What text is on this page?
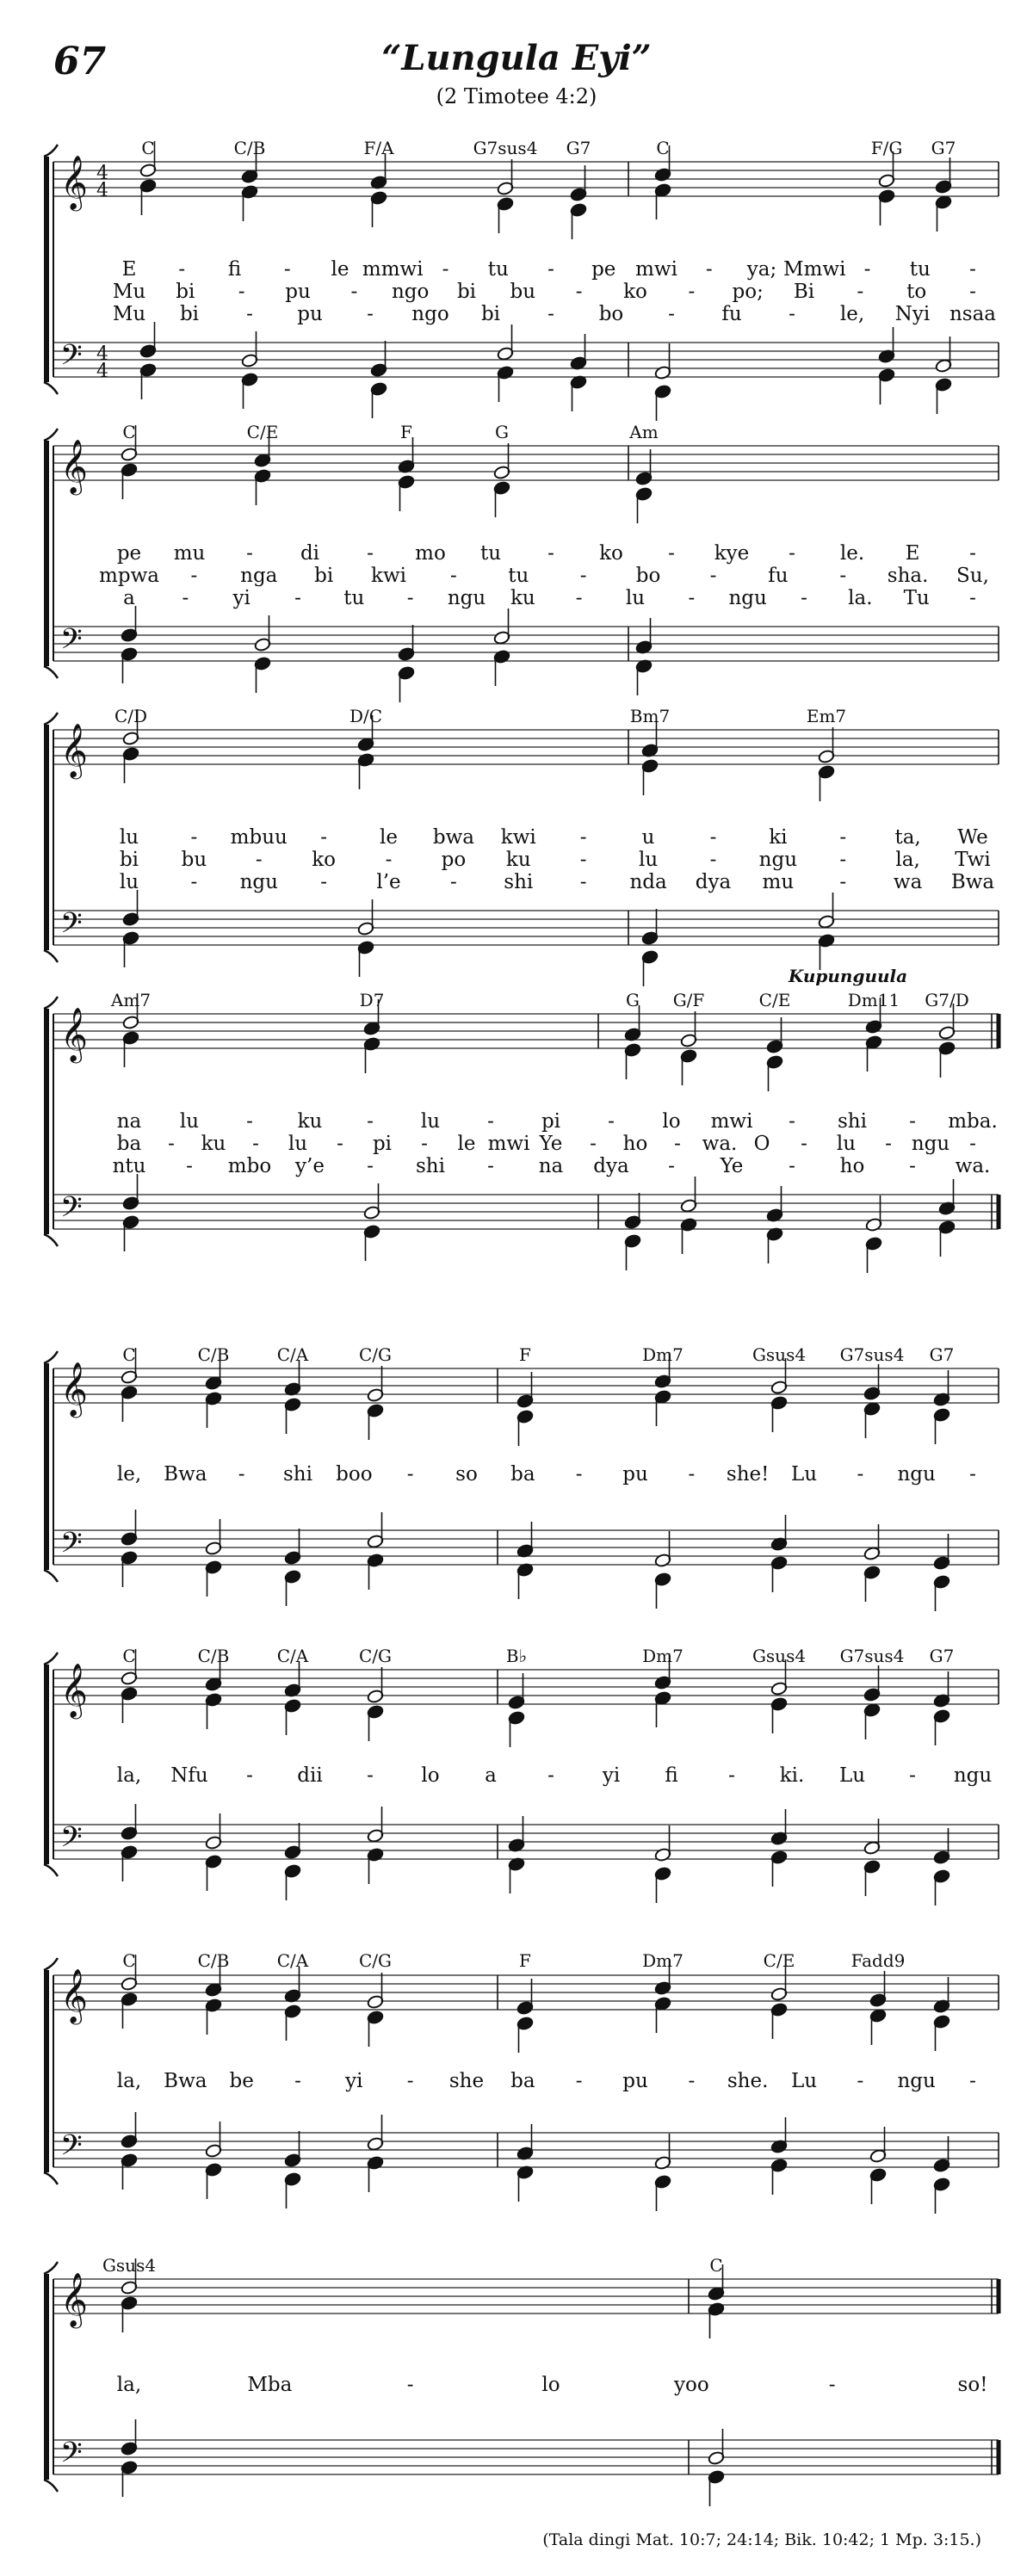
67	“Lungula Eyi”
(2 Timotee 4:2)
𝄞
𝄢
4
4
4
4
𝄞
𝄢
𝄞
𝄢
𝄞
𝄢
𝄞
𝄢
𝄞
𝄢
𝄞
𝄢
𝄞
𝄢
C	C/B	F/A	G7sus4 G7	C	F/G G7
E - fi - le mmwi - tu - pe mwi - ya; Mmwi - tu -
Mu bi - pu - ngo bi bu - ko - po; Bi - to -
Mu bi - pu - ngo bi - bo - fu - le, Nyi nsaa
C	C/E	F	G	Am
pe mu - di - mo tu - ko - kye - le. E	-
mpwa - nga bi kwi -	tu	- bo -	fu	- sha. Su,
a - yi - tu - ngu ku - lu - ngu - la. Tu -
C/D	D/C	Bm7	Em7
lu	- mbuu -	le bwa kwi -	u	-	ki	- ta, We
bi bu -	ko	- po ku -	lu	- ngu - la, Twi
lu	- ngu - l’e - shi - nda dya mu - wa Bwa
Am7	D7	G G/F	C/E	Dm11 G7/D
Kupunguula
na lu - ku - lu - pi - lo mwi - shi - mba.
ba - ku - lu - pi - le mwi Ye - ho - wa. O - lu - ngu -
ntu - mbo y’e - shi - na dya - Ye - ho - wa.
C	C/B	C/A	C/G	F	Dm7	Gsus4 G7sus4 G7
le, Bwa - shi boo - so ba - pu - she! Lu - ngu -
C	C/B	C/A	C/G	B♭	Dm7	Gsus4 G7sus4 G7
la, Nfu - dii - lo a	- yi fi	- ki. Lu - ngu
C	C/B	C/A	C/G	F	Dm7	C/E	Fadd9
la, Bwa be - yi - she ba - pu - she. Lu - ngu -
Gsus4	C
la,	Mba	-	lo	yoo	-	so!
(Tala dingi Mat. 10:7; 24:14; Bik. 10:42; 1 Mp. 3:15.)
